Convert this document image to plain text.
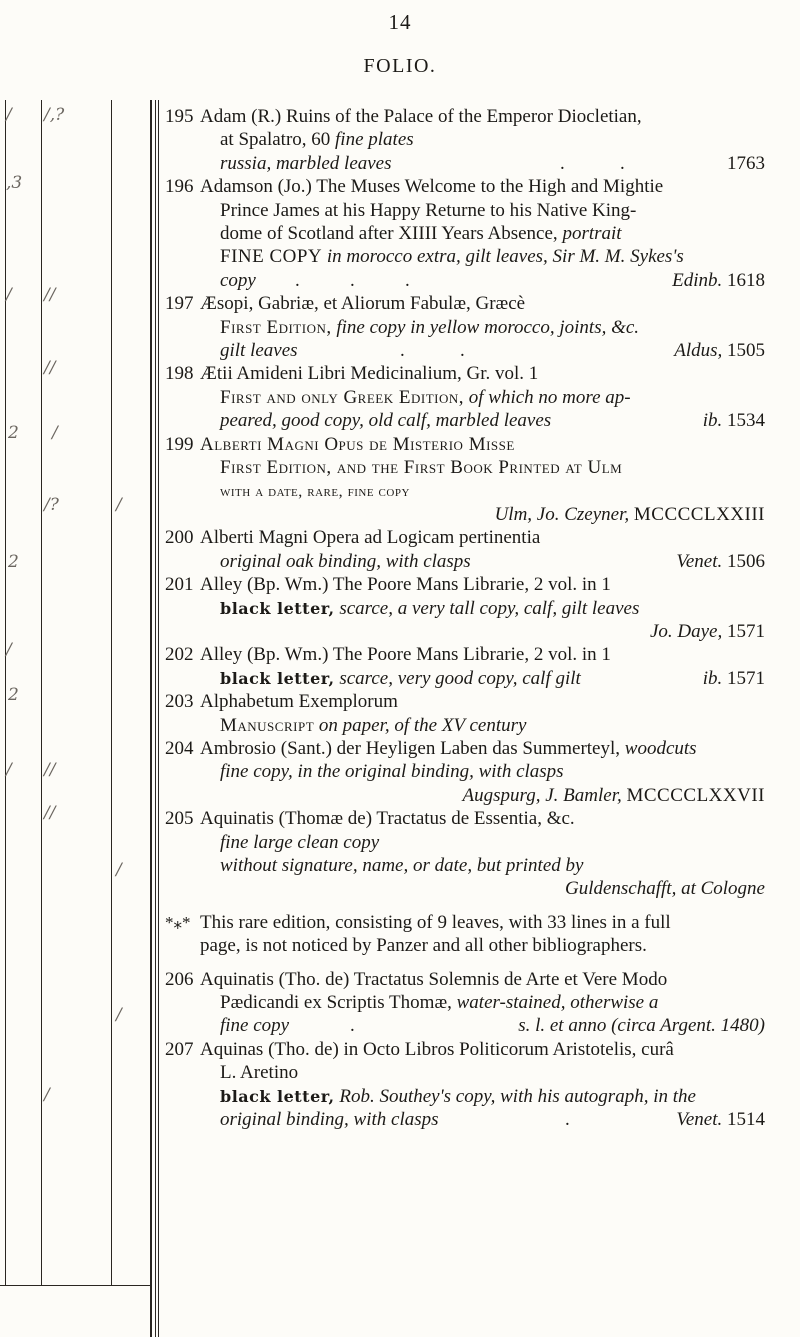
14
FOLIO.
/ /,?
,3
/ //
//
2 /
/
/?
/
2
2
/ //
//
/
/
/
195 Adam (R.) Ruins of the Palace of the Emperor Diocletian,
at Spalatro, 60 fine plates
russia, marbled leaves	.	.	1763
196 Adamson (Jo.) The Muses Welcome to the High and Mightie
Prince James at his Happy Returne to his Native King-
dome of Scotland after XIIII Years Absence, portrait
FINE COPY in morocco extra, gilt leaves, Sir M. M. Sykes's
copy .	.	.	Edinb. 1618
197 Æsopi, Gabriæ, et Aliorum Fabulæ, Græcè
First Edition, fine copy in yellow morocco, joints, &c.
gilt leaves	.	.	Aldus, 1505
198 Ætii Amideni Libri Medicinalium, Gr. vol. 1
First and only Greek Edition, of which no more ap-
peared, good copy, old calf, marbled leaves	ib. 1534
199 Alberti Magni Opus de Misterio Misse
First Edition, and the First Book Printed at Ulm
with a date, rare, fine copy
Ulm, Jo. Czeyner, MCCCCLXXIII
200 Alberti Magni Opera ad Logicam pertinentia
original oak binding, with clasps	Venet. 1506
201 Alley (Bp. Wm.) The Poore Mans Librarie, 2 vol. in 1
black letter, scarce, a very tall copy, calf, gilt leaves
Jo. Daye, 1571
202 Alley (Bp. Wm.) The Poore Mans Librarie, 2 vol. in 1
black letter, scarce, very good copy, calf gilt	ib. 1571
203 Alphabetum Exemplorum
Manuscript on paper, of the XV century
204 Ambrosio (Sant.) der Heyligen Laben das Summerteyl, woodcuts
fine copy, in the original binding, with clasps
Augspurg, J. Bamler, MCCCCLXXVII
205 Aquinatis (Thomæ de) Tractatus de Essentia, &c.
fine large clean copy
without signature, name, or date, but printed by
Guldenschafft, at Cologne
*⁎* This rare edition, consisting of 9 leaves, with 33 lines in a full
page, is not noticed by Panzer and all other bibliographers.
206 Aquinatis (Tho. de) Tractatus Solemnis de Arte et Vere Modo
Pædicandi ex Scriptis Thomæ, water-stained, otherwise a
fine copy	.	s. l. et anno (circa Argent. 1480)
207 Aquinas (Tho. de) in Octo Libros Politicorum Aristotelis, curâ
L. Aretino
black letter, Rob. Southey's copy, with his autograph, in the
original binding, with clasps	.	Venet. 1514
